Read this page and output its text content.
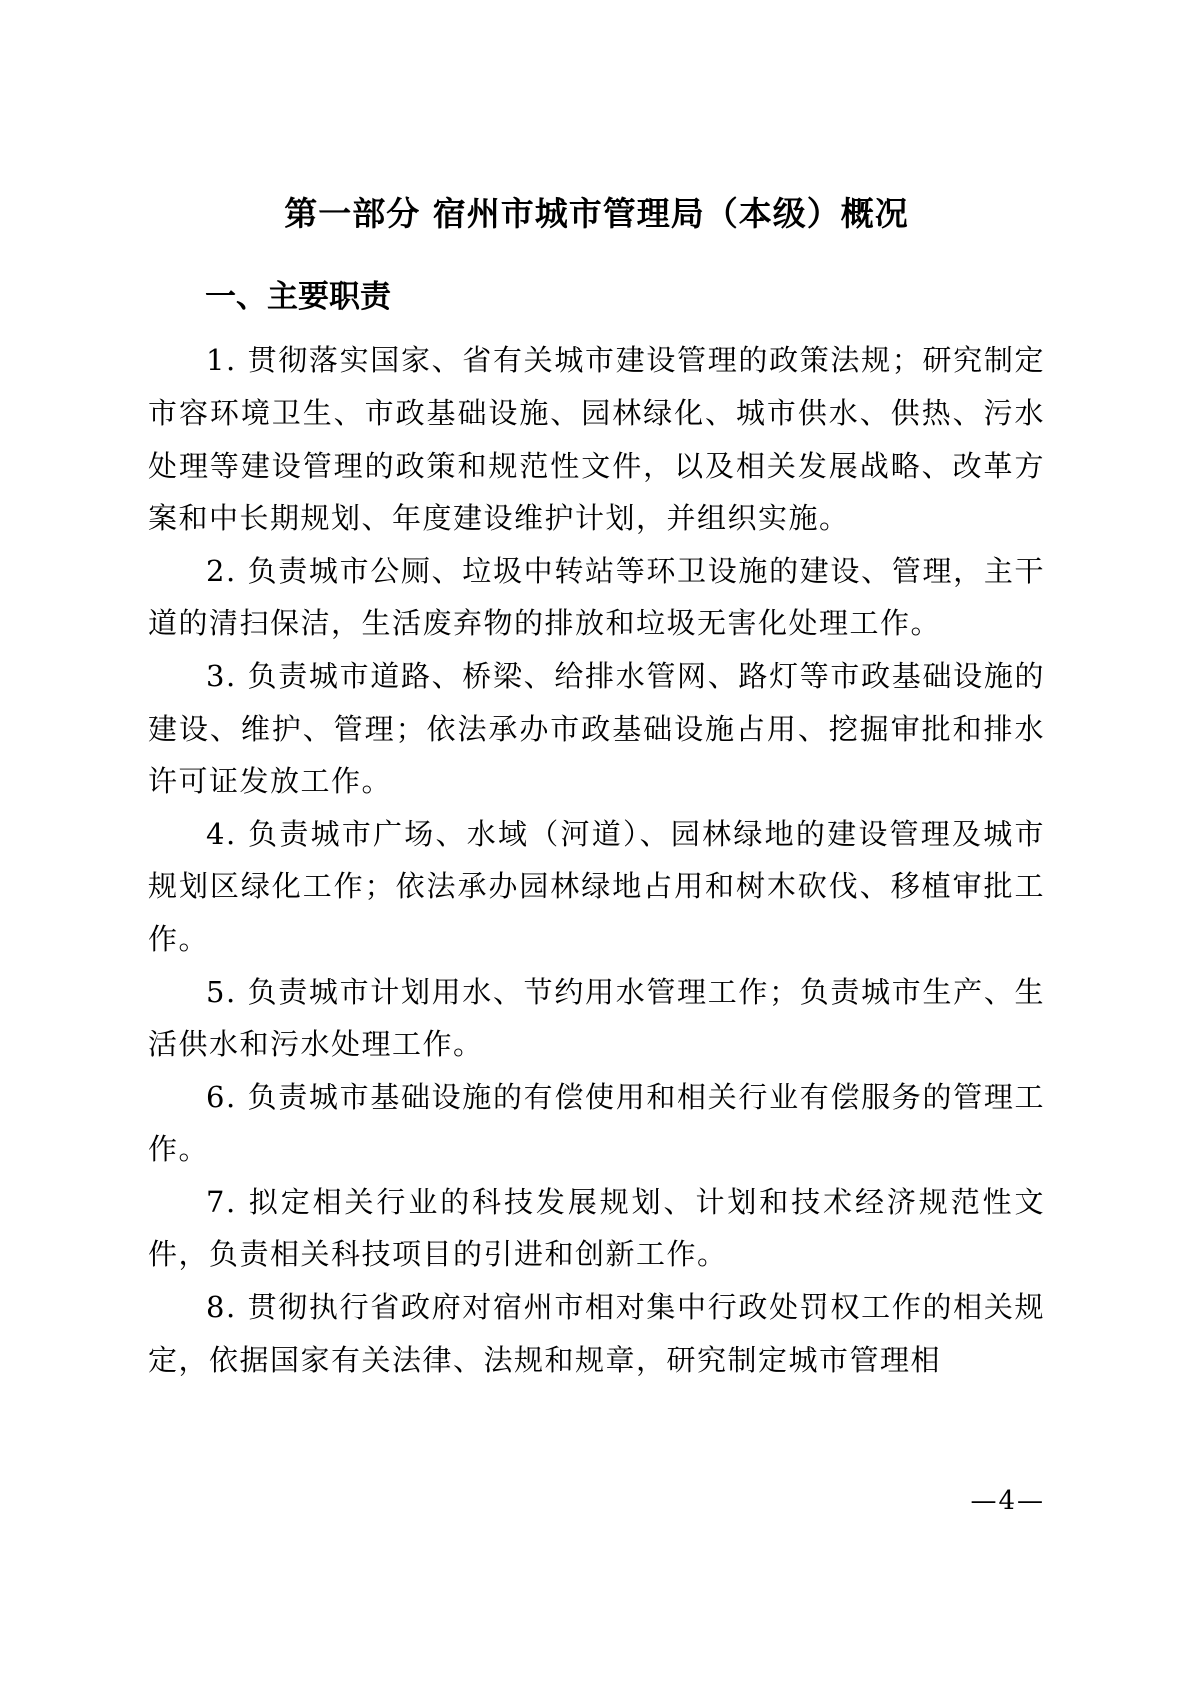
第一部分 宿州市城市管理局（本级）概况
一、主要职责

1. 贯彻落实国家、省有关城市建设管理的政策法规；研究制定市容环境卫生、市政基础设施、园林绿化、城市供水、供热、污水处理等建设管理的政策和规范性文件，以及相关发展战略、改革方案和中长期规划、年度建设维护计划，并组织实施。

2. 负责城市公厕、垃圾中转站等环卫设施的建设、管理，主干道的清扫保洁，生活废弃物的排放和垃圾无害化处理工作。

3. 负责城市道路、桥梁、给排水管网、路灯等市政基础设施的建设、维护、管理；依法承办市政基础设施占用、挖掘审批和排水许可证发放工作。

4. 负责城市广场、水域（河道）、园林绿地的建设管理及城市规划区绿化工作；依法承办园林绿地占用和树木砍伐、移植审批工作。

5. 负责城市计划用水、节约用水管理工作；负责城市生产、生活供水和污水处理工作。

6. 负责城市基础设施的有偿使用和相关行业有偿服务的管理工作。

7. 拟定相关行业的科技发展规划、计划和技术经济规范性文件，负责相关科技项目的引进和创新工作。

8. 贯彻执行省政府对宿州市相对集中行政处罚权工作的相关规定，依据国家有关法律、法规和规章，研究制定城市管理相

—4—
